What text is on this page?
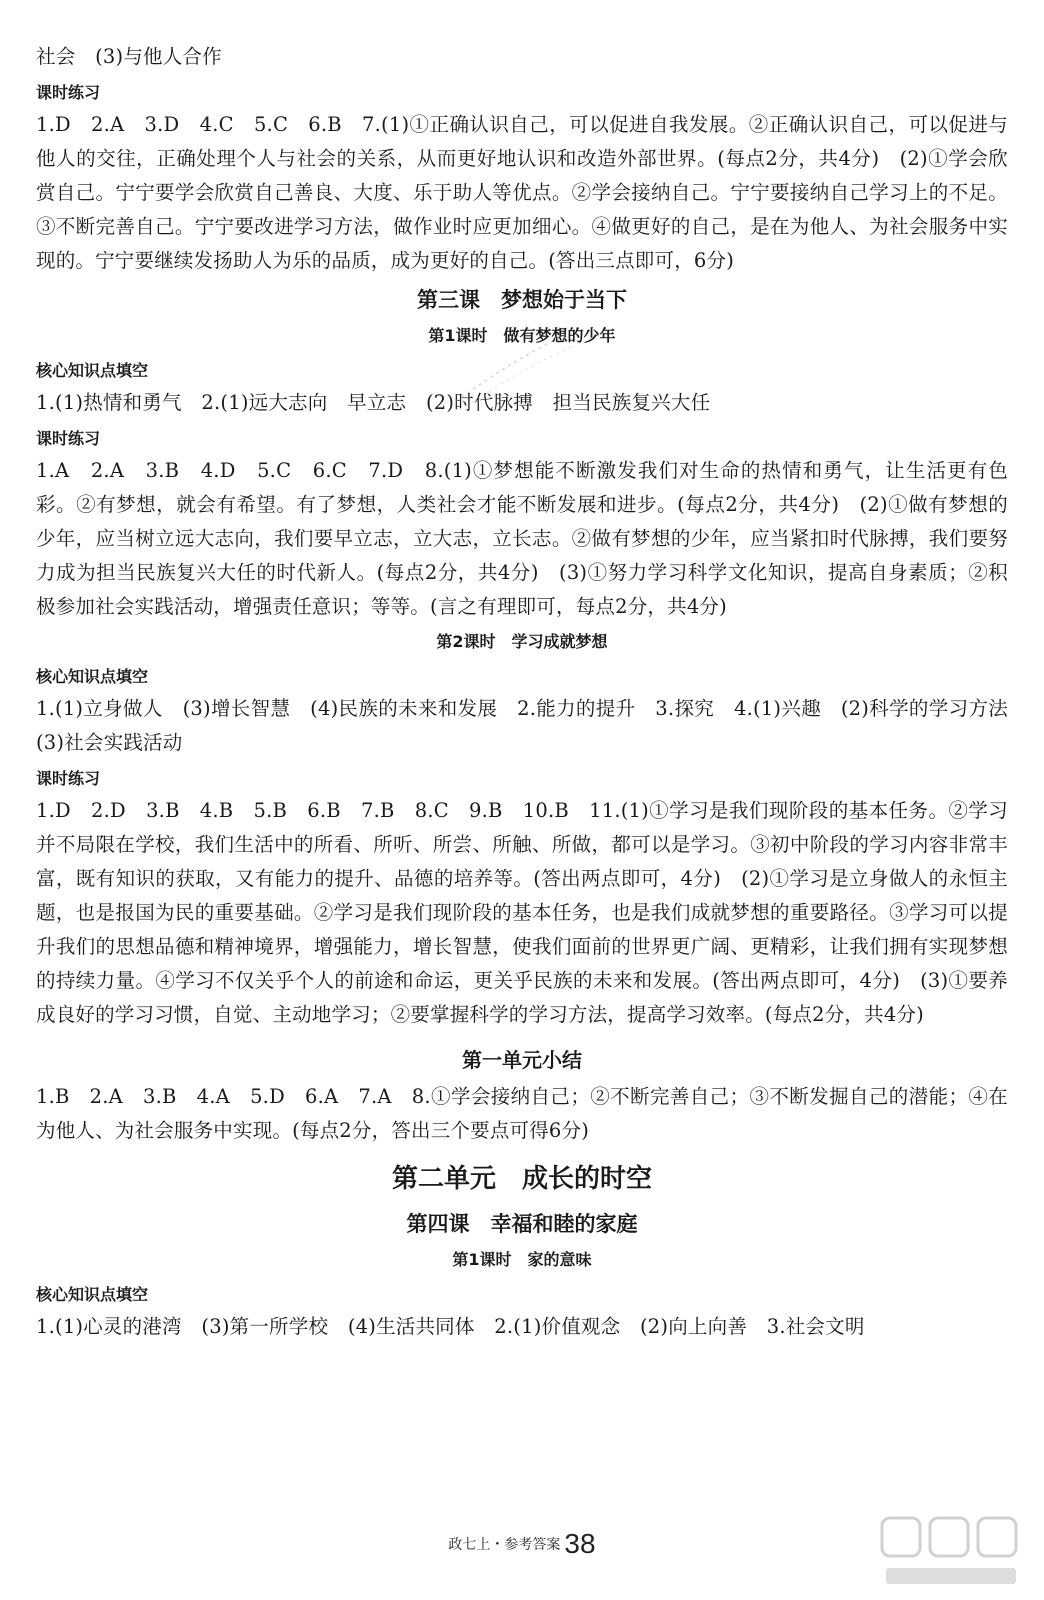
社会　(3)与他人合作

课时练习

1.D　2.A　3.D　4.C　5.C　6.B　7.(1)①正确认识自己，可以促进自我发展。②正确认识自己，可以促进与他人的交往，正确处理个人与社会的关系，从而更好地认识和改造外部世界。(每点2分，共4分)　(2)①学会欣赏自己。宁宁要学会欣赏自己善良、大度、乐于助人等优点。②学会接纳自己。宁宁要接纳自己学习上的不足。③不断完善自己。宁宁要改进学习方法，做作业时应更加细心。④做更好的自己，是在为他人、为社会服务中实现的。宁宁要继续发扬助人为乐的品质，成为更好的自己。(答出三点即可，6分)

第三课　梦想始于当下

第1课时　做有梦想的少年

核心知识点填空

1.(1)热情和勇气　2.(1)远大志向　早立志　(2)时代脉搏　担当民族复兴大任

课时练习

1.A　2.A　3.B　4.D　5.C　6.C　7.D　8.(1)①梦想能不断激发我们对生命的热情和勇气，让生活更有色彩。②有梦想，就会有希望。有了梦想，人类社会才能不断发展和进步。(每点2分，共4分)　(2)①做有梦想的少年，应当树立远大志向，我们要早立志，立大志，立长志。②做有梦想的少年，应当紧扣时代脉搏，我们要努力成为担当民族复兴大任的时代新人。(每点2分，共4分)　(3)①努力学习科学文化知识，提高自身素质；②积极参加社会实践活动，增强责任意识；等等。(言之有理即可，每点2分，共4分)

第2课时　学习成就梦想

核心知识点填空

1.(1)立身做人　(3)增长智慧　(4)民族的未来和发展　2.能力的提升　3.探究　4.(1)兴趣　(2)科学的学习方法　(3)社会实践活动

课时练习

1.D　2.D　3.B　4.B　5.B　6.B　7.B　8.C　9.B　10.B　11.(1)①学习是我们现阶段的基本任务。②学习并不局限在学校，我们生活中的所看、所听、所尝、所触、所做，都可以是学习。③初中阶段的学习内容非常丰富，既有知识的获取，又有能力的提升、品德的培养等。(答出两点即可，4分)　(2)①学习是立身做人的永恒主题，也是报国为民的重要基础。②学习是我们现阶段的基本任务，也是我们成就梦想的重要路径。③学习可以提升我们的思想品德和精神境界，增强能力，增长智慧，使我们面前的世界更广阔、更精彩，让我们拥有实现梦想的持续力量。④学习不仅关乎个人的前途和命运，更关乎民族的未来和发展。(答出两点即可，4分)　(3)①要养成良好的学习习惯，自觉、主动地学习；②要掌握科学的学习方法，提高学习效率。(每点2分，共4分)

第一单元小结

1.B　2.A　3.B　4.A　5.D　6.A　7.A　8.①学会接纳自己；②不断完善自己；③不断发掘自己的潜能；④在为他人、为社会服务中实现。(每点2分，答出三个要点可得6分)

第二单元　成长的时空

第四课　幸福和睦的家庭

第1课时　家的意味

核心知识点填空

1.(1)心灵的港湾　(3)第一所学校　(4)生活共同体　2.(1)价值观念　(2)向上向善　3.社会文明

政七上・参考答案 38
